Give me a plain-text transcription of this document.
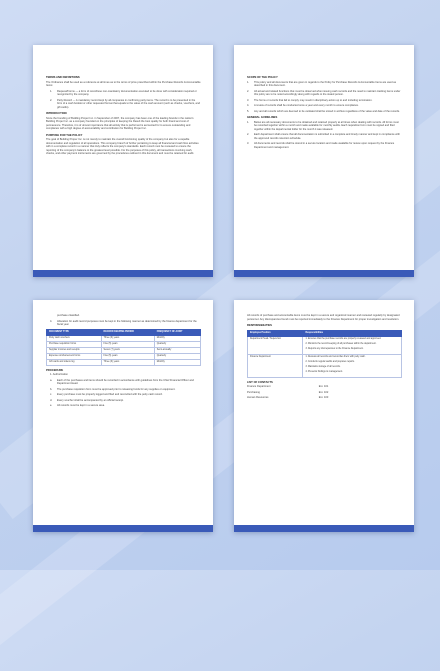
TERMS AND DEFINITIONS
The Ordinance shall be used as a reference at all times as to the terms of price prescribed within the Purchase Records & Accountable Items:
1.	Request/Forms — a form of record/use non-mandatory documentation executed to be done with consideration required or recognized by the company.
2.	Petty Record — A mandatory record kept by all companies in confirming petty items. The record is to be presented in the form of a cash booklet or other requested format that equals to the value of the cash amount (such as checks, vouchers, and gift cards).
INTRODUCTION
Since the founding of Building Proper Inc. in September of 2007, the company has been one of the leading brands in the nation's Building Proper Inc. as a company founded on the principles of keeping the Result the best quality for both brand and cost of permanence. Therefore, it is of utmost importance that all activity that is performed is accounted for to ensure outstanding and compliance with a high degree of accountability and contribution for Building Proper Inc.
PURPOSE FOR THE POLICY
The goal of Building Proper Inc. is not merely to maintain the overall functioning quality of the company but also for a capable documentation and regulation of all operations. This company branch of further pertaining to keep all financial and cash flow activities with in a complete record in a manner that truly reflects the company's standards. Each record must be reviewed to ensure the reporting of the company's balance to the greatest level possible. For the purposes of this policy, all transactions involving cash, checks, and other payment instruments are governed by the procedures outlined in this document and must be retained for audit.
SCOPE OF THE POLICY
1.	This policy and all documents that are given in regards to the Policy for Purchase Records & Accountable Items are used as described in this document.
2.	All actual and related functions that must be observed when issuing cash records and the need to maintain tracking items under this policy are to be noted accordingly along with regards to the stated person.
3.	The forms or records that fail to comply may result in disciplinary action up to and including termination.
4.	A review of records shall be conducted once a year and every month to ensure compliance.
5.	Any and all records which are deemed to be outdated shall be stored in archive regardless of the value and date of the records.
GENERAL GUIDELINES
1.	Below are all necessary documents to be obtained and retained properly at all times when dealing with records. All forms must be recorded together within a month and made available for monthly audits. Each requisition form must be signed and filed together within the departmental folder for the month it was released.
2.	Each department shall ensure that all documentation is submitted in a complete and timely manner and kept in compliance with the approved records retention schedule.
3.	All documents and records shall be stored in a secure location and made available for review upon request by the Finance Department and management.
purchase classified.
4.	Allocation for audit record purposes must be kept in the following manner as determined by the finance department for the fiscal year.
DOCUMENT TYPE	RECORD KEEPING PERIOD	FREQUENCY OF AUDIT
Petty cash vouchers	Three (3) years	Monthly
Purchase requisition forms	Five (5) years	Quarterly
Supplier invoices and receipts	Seven (7) years	Semi-annually
Expense reimbursement forms	Five (5) years	Quarterly
Gift cards and tokens log	Three (3) years	Monthly
PROCEDURE
1. Authorization
a.	Each of the purchases and items should be recorded in accordance with guidelines from the Chief Financial Officer and Department Head.
b.	The purchase requisition form must be approved prior to releasing funds for any supplies or equipment.
c.	Every purchase must be properly logged and filed and reconciled with the petty cash record.
d.	Every voucher shall be accompanied by an official receipt.
e.	All records must be kept in a secure area.
All records of purchase and accountable items must be kept in a secure and organized manner and reviewed regularly by designated personnel. Any discrepancies found must be reported immediately to the Finance Department for proper investigation and resolution.
RESPONSIBILITIES
Employee Position	Responsibilities
Department Head / Supervisor	1. Ensures that the purchase records are properly reviewed and approved.
2. Monitors the record keeping of all purchases within the department.
3. Reports any discrepancies to the Finance Department.

Finance Department	1. Reviews all records and reconciles them with petty cash.
2. Conducts regular audits and prepares reports.
3. Maintains storage of all records.
4. Presents findings to management.
LIST OF CONTACTS
Finance Department	Ext. 101
Purchasing	Ext. 102
Human Resources	Ext. 103
